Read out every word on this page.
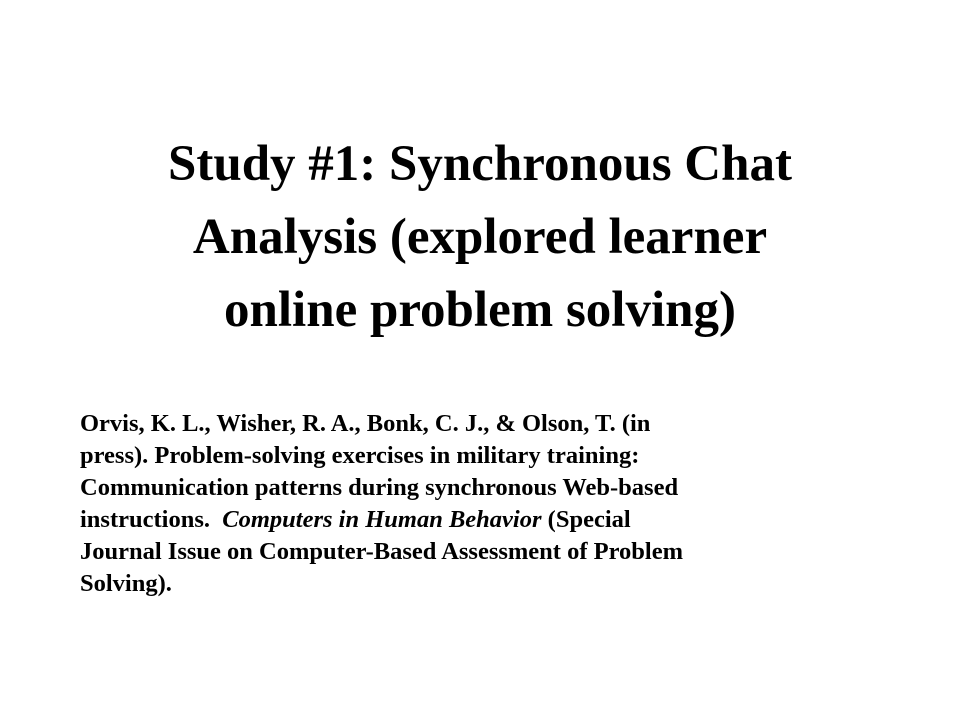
Study #1: Synchronous Chat
Analysis (explored learner
online problem solving)

Orvis, K. L., Wisher, R. A., Bonk, C. J., & Olson, T. (in
press). Problem-solving exercises in military training:
Communication patterns during synchronous Web-based
instructions.  Computers in Human Behavior (Special
Journal Issue on Computer-Based Assessment of Problem
Solving).
